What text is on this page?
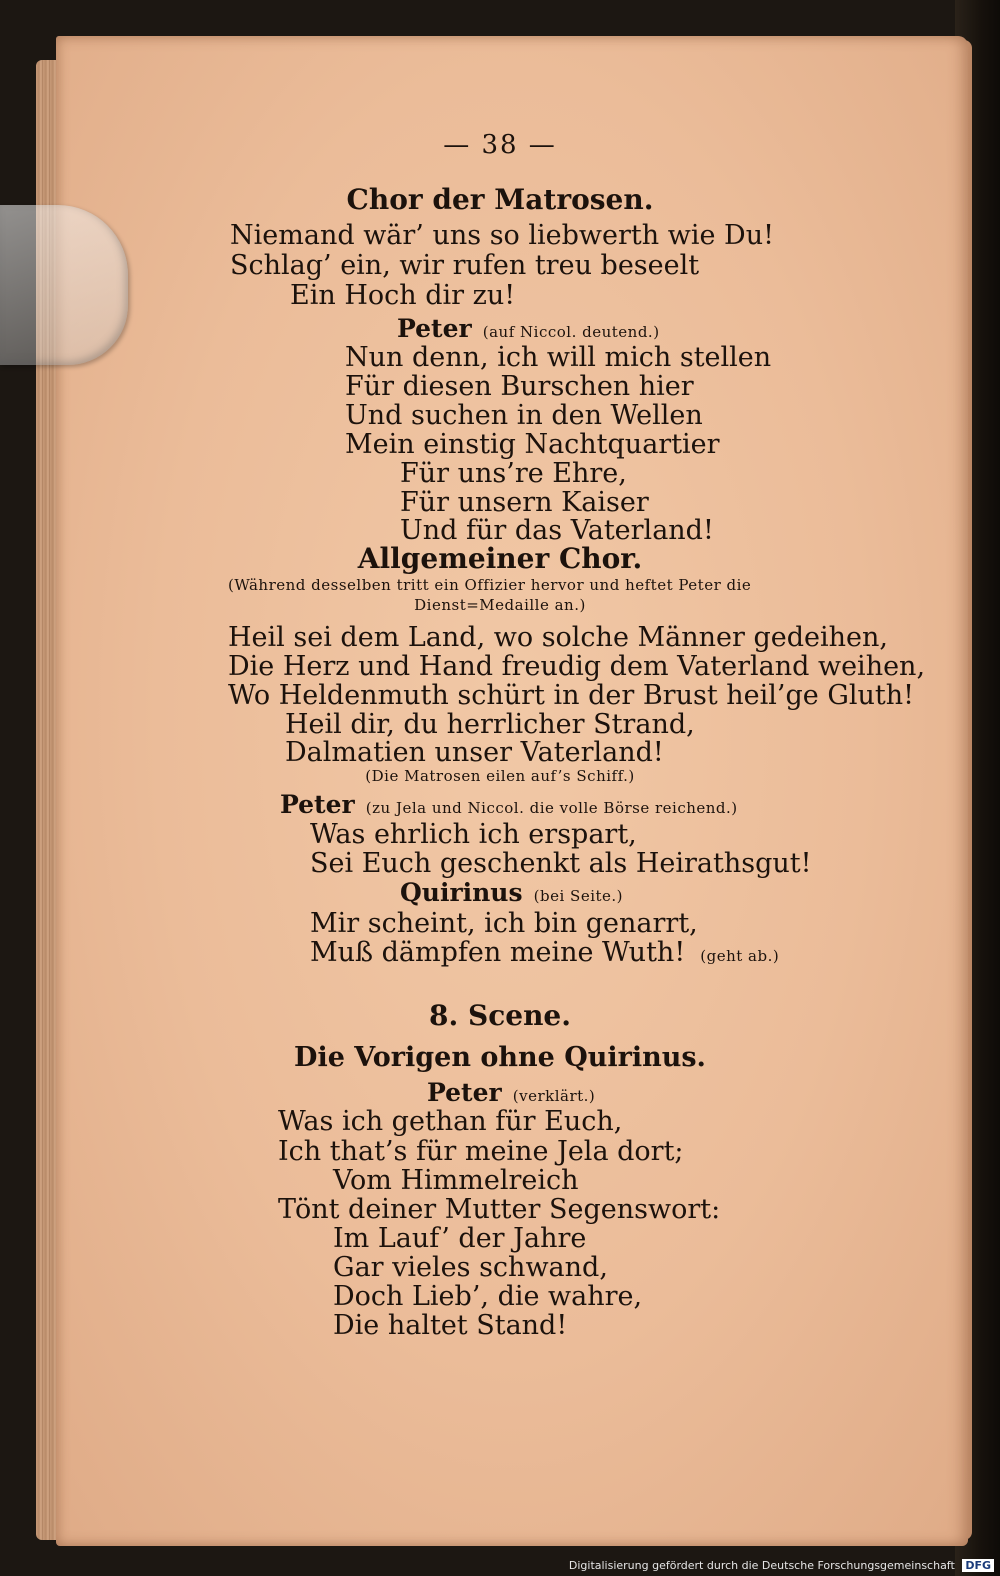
— 38 —
Chor der Matrosen.
Niemand wär’ uns so liebwerth wie Du!
Schlag’ ein, wir rufen treu beseelt
Ein Hoch dir zu!
Peter (auf Niccol. deutend.)
Nun denn, ich will mich stellen
Für diesen Burschen hier
Und suchen in den Wellen
Mein einstig Nachtquartier
Für uns’re Ehre,
Für unsern Kaiser
Und für das Vaterland!
Allgemeiner Chor.
(Während desselben tritt ein Offizier hervor und heftet Peter die
Dienst=Medaille an.)
Heil sei dem Land, wo solche Männer gedeihen,
Die Herz und Hand freudig dem Vaterland weihen,
Wo Heldenmuth schürt in der Brust heil’ge Gluth!
Heil dir, du herrlicher Strand,
Dalmatien unser Vaterland!
(Die Matrosen eilen auf’s Schiff.)
Peter (zu Jela und Niccol. die volle Börse reichend.)
Was ehrlich ich erspart,
Sei Euch geschenkt als Heirathsgut!
Quirinus (bei Seite.)
Mir scheint, ich bin genarrt,
Muß dämpfen meine Wuth! (geht ab.)
8. Scene.
Die Vorigen ohne Quirinus.
Peter (verklärt.)
Was ich gethan für Euch,
Ich that’s für meine Jela dort;
Vom Himmelreich
Tönt deiner Mutter Segenswort:
Im Lauf’ der Jahre
Gar vieles schwand,
Doch Lieb’, die wahre,
Die haltet Stand!
Digitalisierung gefördert durch die Deutsche Forschungsgemeinschaft DFG
